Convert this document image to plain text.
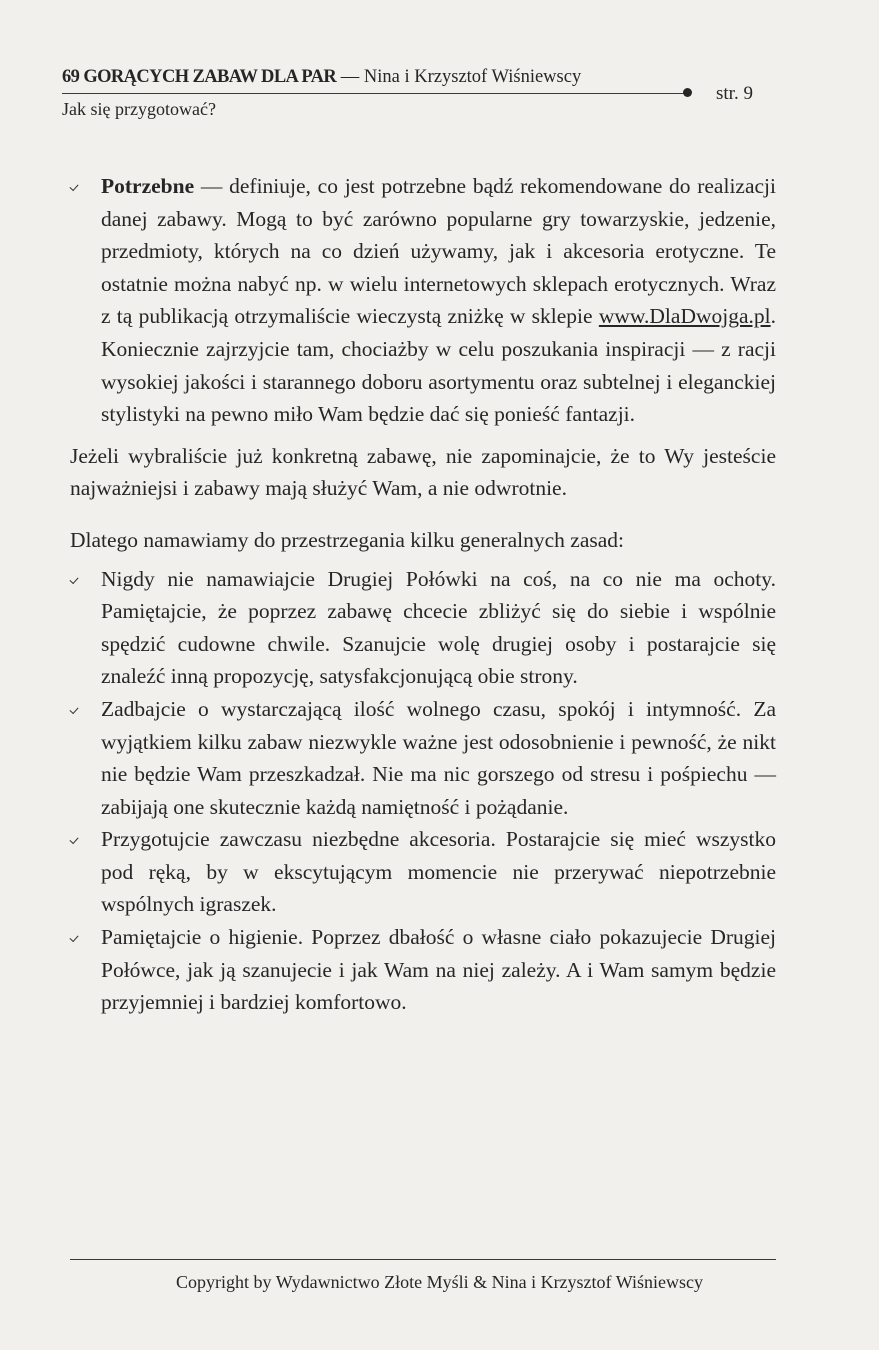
69 GORĄCYCH ZABAW DLA PAR — Nina i Krzysztof Wiśniewscy
str. 9
Jak się przygotować?

Potrzebne — definiuje, co jest potrzebne bądź rekomendowane do realizacji danej zabawy. Mogą to być zarówno popularne gry towarzyskie, jedzenie, przedmioty, których na co dzień używamy, jak i akcesoria erotyczne. Te ostatnie można nabyć np. w wielu internetowych sklepach erotycznych. Wraz z tą publikacją otrzymaliście wieczystą zniżkę w sklepie www.DlaDwojga.pl. Koniecznie zajrzyjcie tam, chociażby w celu poszukania inspiracji — z racji wysokiej jakości i starannego doboru asortymentu oraz subtelnej i eleganckiej stylistyki na pewno miło Wam będzie dać się ponieść fantazji.

Jeżeli wybraliście już konkretną zabawę, nie zapominajcie, że to Wy jesteście najważniejsi i zabawy mają służyć Wam, a nie odwrotnie.

Dlatego namawiamy do przestrzegania kilku generalnych zasad:

Nigdy nie namawiajcie Drugiej Połówki na coś, na co nie ma ochoty. Pamiętajcie, że poprzez zabawę chcecie zbliżyć się do siebie i wspólnie spędzić cudowne chwile. Szanujcie wolę drugiej osoby i postarajcie się znaleźć inną propozycję, satysfakcjonującą obie strony.

Zadbajcie o wystarczającą ilość wolnego czasu, spokój i intymność. Za wyjątkiem kilku zabaw niezwykle ważne jest odosobnienie i pewność, że nikt nie będzie Wam przeszkadzał. Nie ma nic gorszego od stresu i pośpiechu — zabijają one skutecznie każdą namiętność i pożądanie.

Przygotujcie zawczasu niezbędne akcesoria. Postarajcie się mieć wszystko pod ręką, by w ekscytującym momencie nie przerywać niepotrzebnie wspólnych igraszek.

Pamiętajcie o higienie. Poprzez dbałość o własne ciało pokazujecie Drugiej Połówce, jak ją szanujecie i jak Wam na niej zależy. A i Wam samym będzie przyjemniej i bardziej komfortowo.

Copyright by Wydawnictwo Złote Myśli & Nina i Krzysztof Wiśniewscy
